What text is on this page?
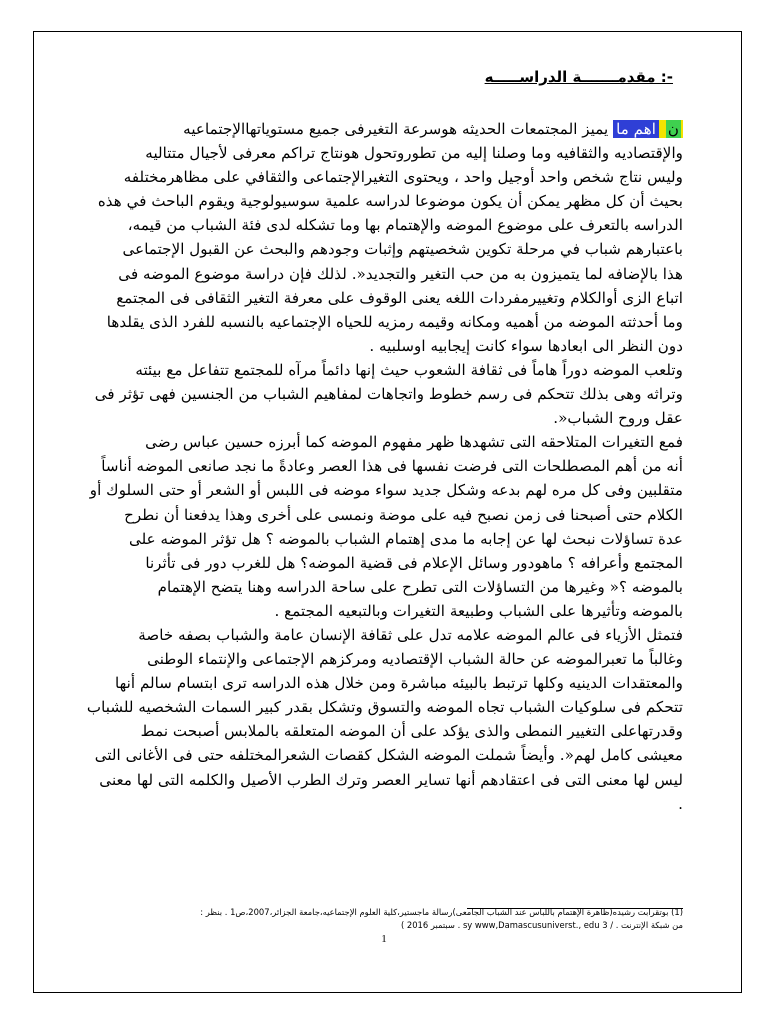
-: مقدمـــــــة الدراســـــه

ن اهم ما يميز المجتمعات الحديثه هوسرعة التغيرفى جميع مستوياتهاالإجتماعيه

والإقتصاديه والثقافيه وما وصلنا إليه من تطوروتحول هونتاج تراكم معرفى لأجيال متتاليه

وليس نتاج شخص واحد أوجيل واحد ، ويحتوى التغيرالإجتماعى والثقافي على مظاهرمختلفه

بحيث أن كل مظهر يمكن أن يكون موضوعا لدراسه علمية سوسيولوجية ويقوم الباحث في هذه

الدراسه بالتعرف على موضوع الموضه والإهتمام بها وما تشكله لدى فئة الشباب من قيمه،

باعتبارهم شباب في مرحلة تكوين شخصيتهم وإثبات وجودهم والبحث عن القبول الإجتماعى

هذا بالإضافه لما يتميزون به من حب التغير والتجديد«. لذلك فإن دراسة موضوع الموضه فى

اتباع الزى أوالكلام وتغييرمفردات اللغه يعنى الوقوف على معرفة التغير الثقافى فى المجتمع

وما أحدثته الموضه من أهميه ومكانه وقيمه رمزيه للحياه الإجتماعيه بالنسبه للفرد الذى يقلدها

دون النظر الى ابعادها سواء كانت إيجابيه اوسلبيه .

وتلعب الموضه دوراً هاماً فى ثقافة الشعوب حيث إنها دائماً مرآه للمجتمع تتفاعل مع بيئته

وتراثه وهى بذلك تتحكم فى رسم خطوط واتجاهات لمفاهيم الشباب من الجنسين فهى تؤثر فى

عقل وروح الشباب«.

فمع التغيرات المتلاحقه التى تشهدها ظهر مفهوم الموضه كما أبرزه حسين عباس رضى

أنه من أهم المصطلحات التى فرضت نفسها فى هذا العصر وعادةً ما نجد صانعى الموضه أناساً

متقلبين وفى كل مره لهم بدعه وشكل جديد سواء موضه فى اللبس أو الشعر أو حتى السلوك أو

الكلام حتى أصبحنا فى زمن نصبح فيه على موضة ونمسى على أخرى وهذا يدفعنا أن نطرح

عدة تساؤلات نبحث لها عن إجابه ما مدى إهتمام الشباب بالموضه ؟ هل تؤثر الموضه على

المجتمع وأعرافه ؟ ماهودور وسائل الإعلام فى قضية الموضه؟ هل للغرب دور فى تأثرنا

بالموضه ؟« وغيرها من التساؤلات التى تطرح على ساحة الدراسه وهنا يتضح الإهتمام

بالموضه وتأثيرها على الشباب وطبيعة التغيرات وبالتبعيه المجتمع .

فتمثل الأزياء فى عالم الموضه علامه تدل على ثقافة الإنسان عامة والشباب بصفه خاصة

وغالباً ما تعبرالموضه عن حالة الشباب الإقتصاديه ومركزهم الإجتماعى والإنتماء الوطنى

والمعتقدات الدينيه وكلها ترتبط بالبيئه مباشرة ومن خلال هذه الدراسه ترى ابتسام سالم أنها

تتحكم فى سلوكيات الشباب تجاه الموضه والتسوق وتشكل بقدر كبير السمات الشخصيه للشباب

وقدرتهاعلى التغيير النمطى والذى يؤكد على أن الموضه المتعلقه بالملابس أصبحت نمط

معيشى كامل لهم«. وأيضاً شملت الموضه الشكل كقصات الشعرالمختلفه حتى فى الأغانى التى

ليس لها معنى التى فى اعتقادهم أنها تساير العصر وترك الطرب الأصيل والكلمه التى لها معنى

.

(1) بوتقرابت رشيده(ظاهرة الإهتمام باللباس عند الشباب الجامعى)رسالة ماجستير،كلية العلوم الإجتماعيه،جامعة الجزائر،2007،ص1 . بنظر :

من شبكة الإنترنت . / sy www,Damascusuniverst., edu 3 . سبتمبر 2016 )

1
